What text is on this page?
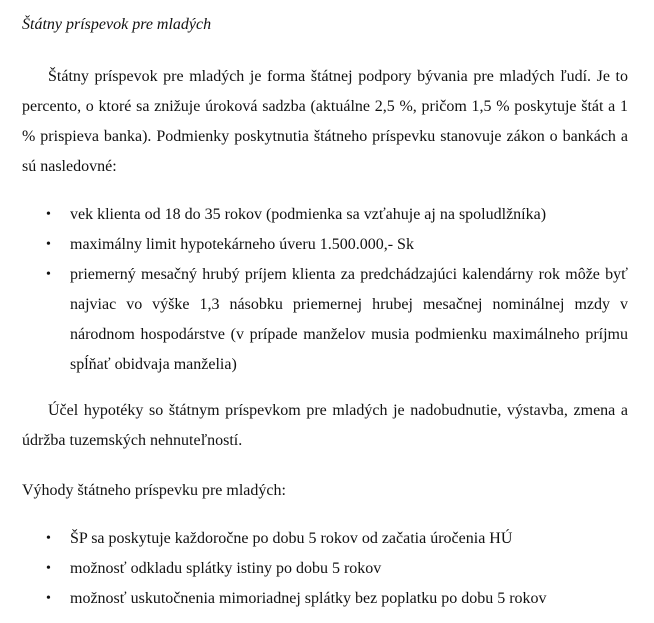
Štátny príspevok pre mladých

Štátny príspevok pre mladých je forma štátnej podpory bývania pre mladých ľudí. Je to percento, o ktoré sa znižuje úroková sadzba (aktuálne 2,5 %, pričom 1,5 % poskytuje štát a 1 % prispieva banka). Podmienky poskytnutia štátneho príspevku stanovuje zákon o bankách a sú nasledovné:

• vek klienta od 18 do 35 rokov (podmienka sa vzťahuje aj na spoludlžníka)
• maximálny limit hypotekárneho úveru 1.500.000,- Sk
• priemerný mesačný hrubý príjem klienta za predchádzajúci kalendárny rok môže byť najviac vo výške 1,3 násobku priemernej hrubej mesačnej nominálnej mzdy v národnom hospodárstve (v prípade manželov musia podmienku maximálneho príjmu spĺňať obidvaja manželia)

Účel hypotéky so štátnym príspevkom pre mladých je nadobudnutie, výstavba, zmena a údržba tuzemských nehnuteľností.

Výhody štátneho príspevku pre mladých:

• ŠP sa poskytuje každoročne po dobu 5 rokov od začatia úročenia HÚ
• možnosť odkladu splátky istiny po dobu 5 rokov
• možnosť uskutočnenia mimoriadnej splátky bez poplatku po dobu 5 rokov
